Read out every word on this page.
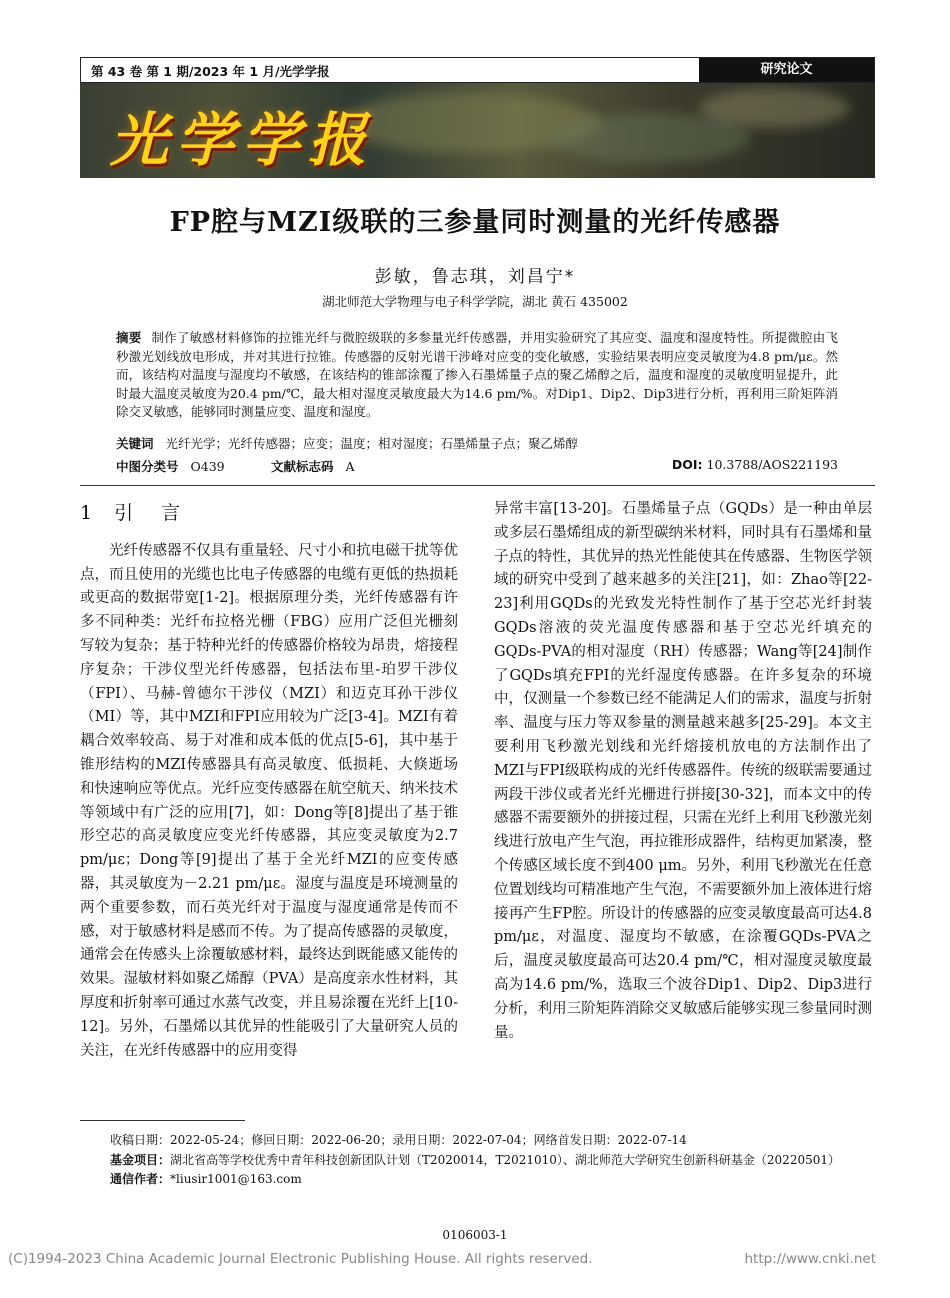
第 43 卷 第 1 期/2023 年 1 月/光学学报	研究论文
光学学报
FP腔与MZI级联的三参量同时测量的光纤传感器
彭敏，鲁志琪，刘昌宁*
湖北师范大学物理与电子科学学院，湖北 黄石 435002
摘要 制作了敏感材料修饰的拉锥光纤与微腔级联的多参量光纤传感器，并用实验研究了其应变、温度和湿度特性。所提微腔由飞秒激光划线放电形成，并对其进行拉锥。传感器的反射光谱干涉峰对应变的变化敏感，实验结果表明应变灵敏度为4.8 pm/με。然而，该结构对温度与湿度均不敏感，在该结构的锥部涂覆了掺入石墨烯量子点的聚乙烯醇之后，温度和湿度的灵敏度明显提升，此时最大温度灵敏度为20.4 pm/℃，最大相对湿度灵敏度最大为14.6 pm/%。对Dip1、Dip2、Dip3进行分析，再利用三阶矩阵消除交叉敏感，能够同时测量应变、温度和湿度。
关键词 光纤光学；光纤传感器；应变；温度；相对湿度；石墨烯量子点；聚乙烯醇
中图分类号 O439	文献标志码 A	DOI: 10.3788/AOS221193
1 引言

光纤传感器不仅具有重量轻、尺寸小和抗电磁干扰等优点，而且使用的光缆也比电子传感器的电缆有更低的热损耗或更高的数据带宽[1-2]。根据原理分类，光纤传感器有许多不同种类：光纤布拉格光栅（FBG）应用广泛但光栅刻写较为复杂；基于特种光纤的传感器价格较为昂贵，熔接程序复杂；干涉仪型光纤传感器，包括法布里-珀罗干涉仪（FPI）、马赫-曾德尔干涉仪（MZI）和迈克耳孙干涉仪（MI）等，其中MZI和FPI应用较为广泛[3-4]。MZI有着耦合效率较高、易于对准和成本低的优点[5-6]，其中基于锥形结构的MZI传感器具有高灵敏度、低损耗、大倏逝场和快速响应等优点。光纤应变传感器在航空航天、纳米技术等领域中有广泛的应用[7]，如：Dong等[8]提出了基于锥形空芯的高灵敏度应变光纤传感器，其应变灵敏度为2.7 pm/με；Dong等[9]提出了基于全光纤MZI的应变传感器，其灵敏度为－2.21 pm/με。湿度与温度是环境测量的两个重要参数，而石英光纤对于温度与湿度通常是传而不感，对于敏感材料是感而不传。为了提高传感器的灵敏度，通常会在传感头上涂覆敏感材料，最终达到既能感又能传的效果。湿敏材料如聚乙烯醇（PVA）是高度亲水性材料，其厚度和折射率可通过水蒸气改变，并且易涂覆在光纤上[10-12]。另外，石墨烯以其优异的性能吸引了大量研究人员的关注，在光纤传感器中的应用变得

异常丰富[13-20]。石墨烯量子点（GQDs）是一种由单层或多层石墨烯组成的新型碳纳米材料，同时具有石墨烯和量子点的特性，其优异的热光性能使其在传感器、生物医学领域的研究中受到了越来越多的关注[21]，如：Zhao等[22-23]利用GQDs的光致发光特性制作了基于空芯光纤封装GQDs溶液的荧光温度传感器和基于空芯光纤填充的GQDs-PVA的相对湿度（RH）传感器；Wang等[24]制作了GQDs填充FPI的光纤湿度传感器。在许多复杂的环境中，仅测量一个参数已经不能满足人们的需求，温度与折射率、温度与压力等双参量的测量越来越多[25-29]。本文主要利用飞秒激光划线和光纤熔接机放电的方法制作出了MZI与FPI级联构成的光纤传感器件。传统的级联需要通过两段干涉仪或者光纤光栅进行拼接[30-32]，而本文中的传感器不需要额外的拼接过程，只需在光纤上利用飞秒激光刻线进行放电产生气泡，再拉锥形成器件，结构更加紧凑，整个传感区域长度不到400 μm。另外，利用飞秒激光在任意位置划线均可精准地产生气泡，不需要额外加上液体进行熔接再产生FP腔。所设计的传感器的应变灵敏度最高可达4.8 pm/με，对温度、湿度均不敏感，在涂覆GQDs-PVA之后，温度灵敏度最高可达20.4 pm/℃，相对湿度灵敏度最高为14.6 pm/%，选取三个波谷Dip1、Dip2、Dip3进行分析，利用三阶矩阵消除交叉敏感后能够实现三参量同时测量。

收稿日期：2022-05-24；修回日期：2022-06-20；录用日期：2022-07-04；网络首发日期：2022-07-14
基金项目：湖北省高等学校优秀中青年科技创新团队计划（T2020014，T2021010）、湖北师范大学研究生创新科研基金（20220501）
通信作者：*liusir1001@163.com
0106003-1
(C)1994-2023 China Academic Journal Electronic Publishing House. All rights reserved.	http://www.cnki.net
